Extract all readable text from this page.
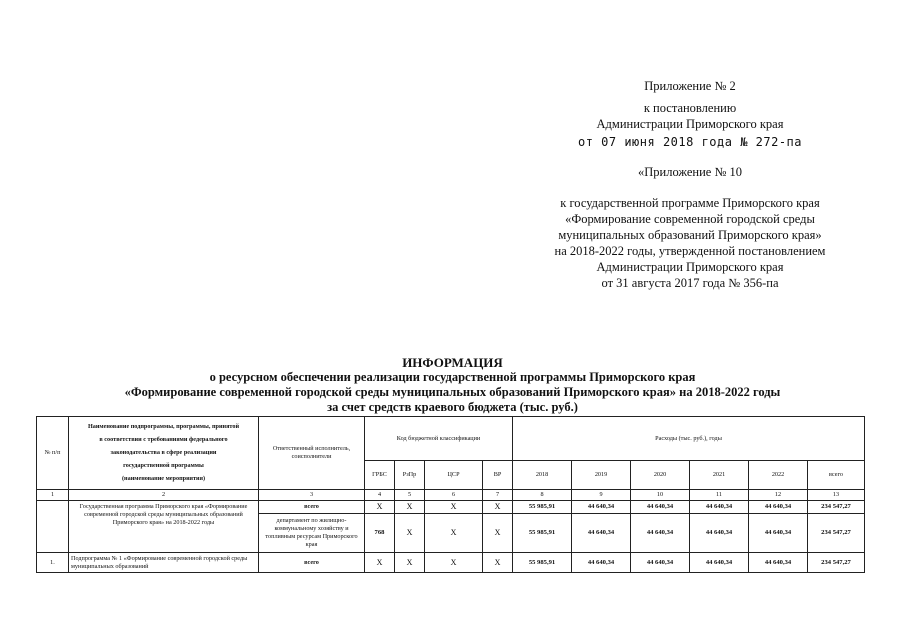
Приложение № 2
к постановлению
Администрации Приморского края
от 07 июня 2018 года № 272-па
«Приложение № 10
к государственной программе Приморского края
«Формирование современной городской среды
муниципальных образований Приморского края»
на 2018-2022 годы, утвержденной постановлением
Администрации Приморского края
от 31 августа 2017 года № 356-па
ИНФОРМАЦИЯ
о ресурсном обеспечении реализации государственной программы Приморского края
«Формирование современной городской среды муниципальных образований Приморского края» на 2018-2022 годы
за счет средств краевого бюджета (тыс. руб.)
№ п/п	Наименование подпрограммы, программы, принятой
в соответствии с требованиями федерального
законодательства в сфере реализации
государственной программы
(наименование мероприятия)	Ответственный исполнитель, соисполнители	Код бюджетной классификации				Расходы (тыс. руб.), годы					
			ГРБС	РзПр	ЦСР	ВР	2018	2019	2020	2021	2022	всего
1	2	3	4	5	6	7	8	9	10	11	12	13
	Государственная программа Приморского края «Формирование современной городской среды муниципальных образований Приморского края» на 2018-2022 годы	всего	X	X	X	X	55 985,91	44 640,34	44 640,34	44 640,34	44 640,34	234 547,27
		департамент по жилищно-коммунальному хозяйству и топливным ресурсам Приморского края	768	X	X	X	55 985,91	44 640,34	44 640,34	44 640,34	44 640,34	234 547,27
1.	Подпрограмма № 1 «Формирование современной городской среды муниципальных образований	всего	X	X	X	X	55 985,91	44 640,34	44 640,34	44 640,34	44 640,34	234 547,27
